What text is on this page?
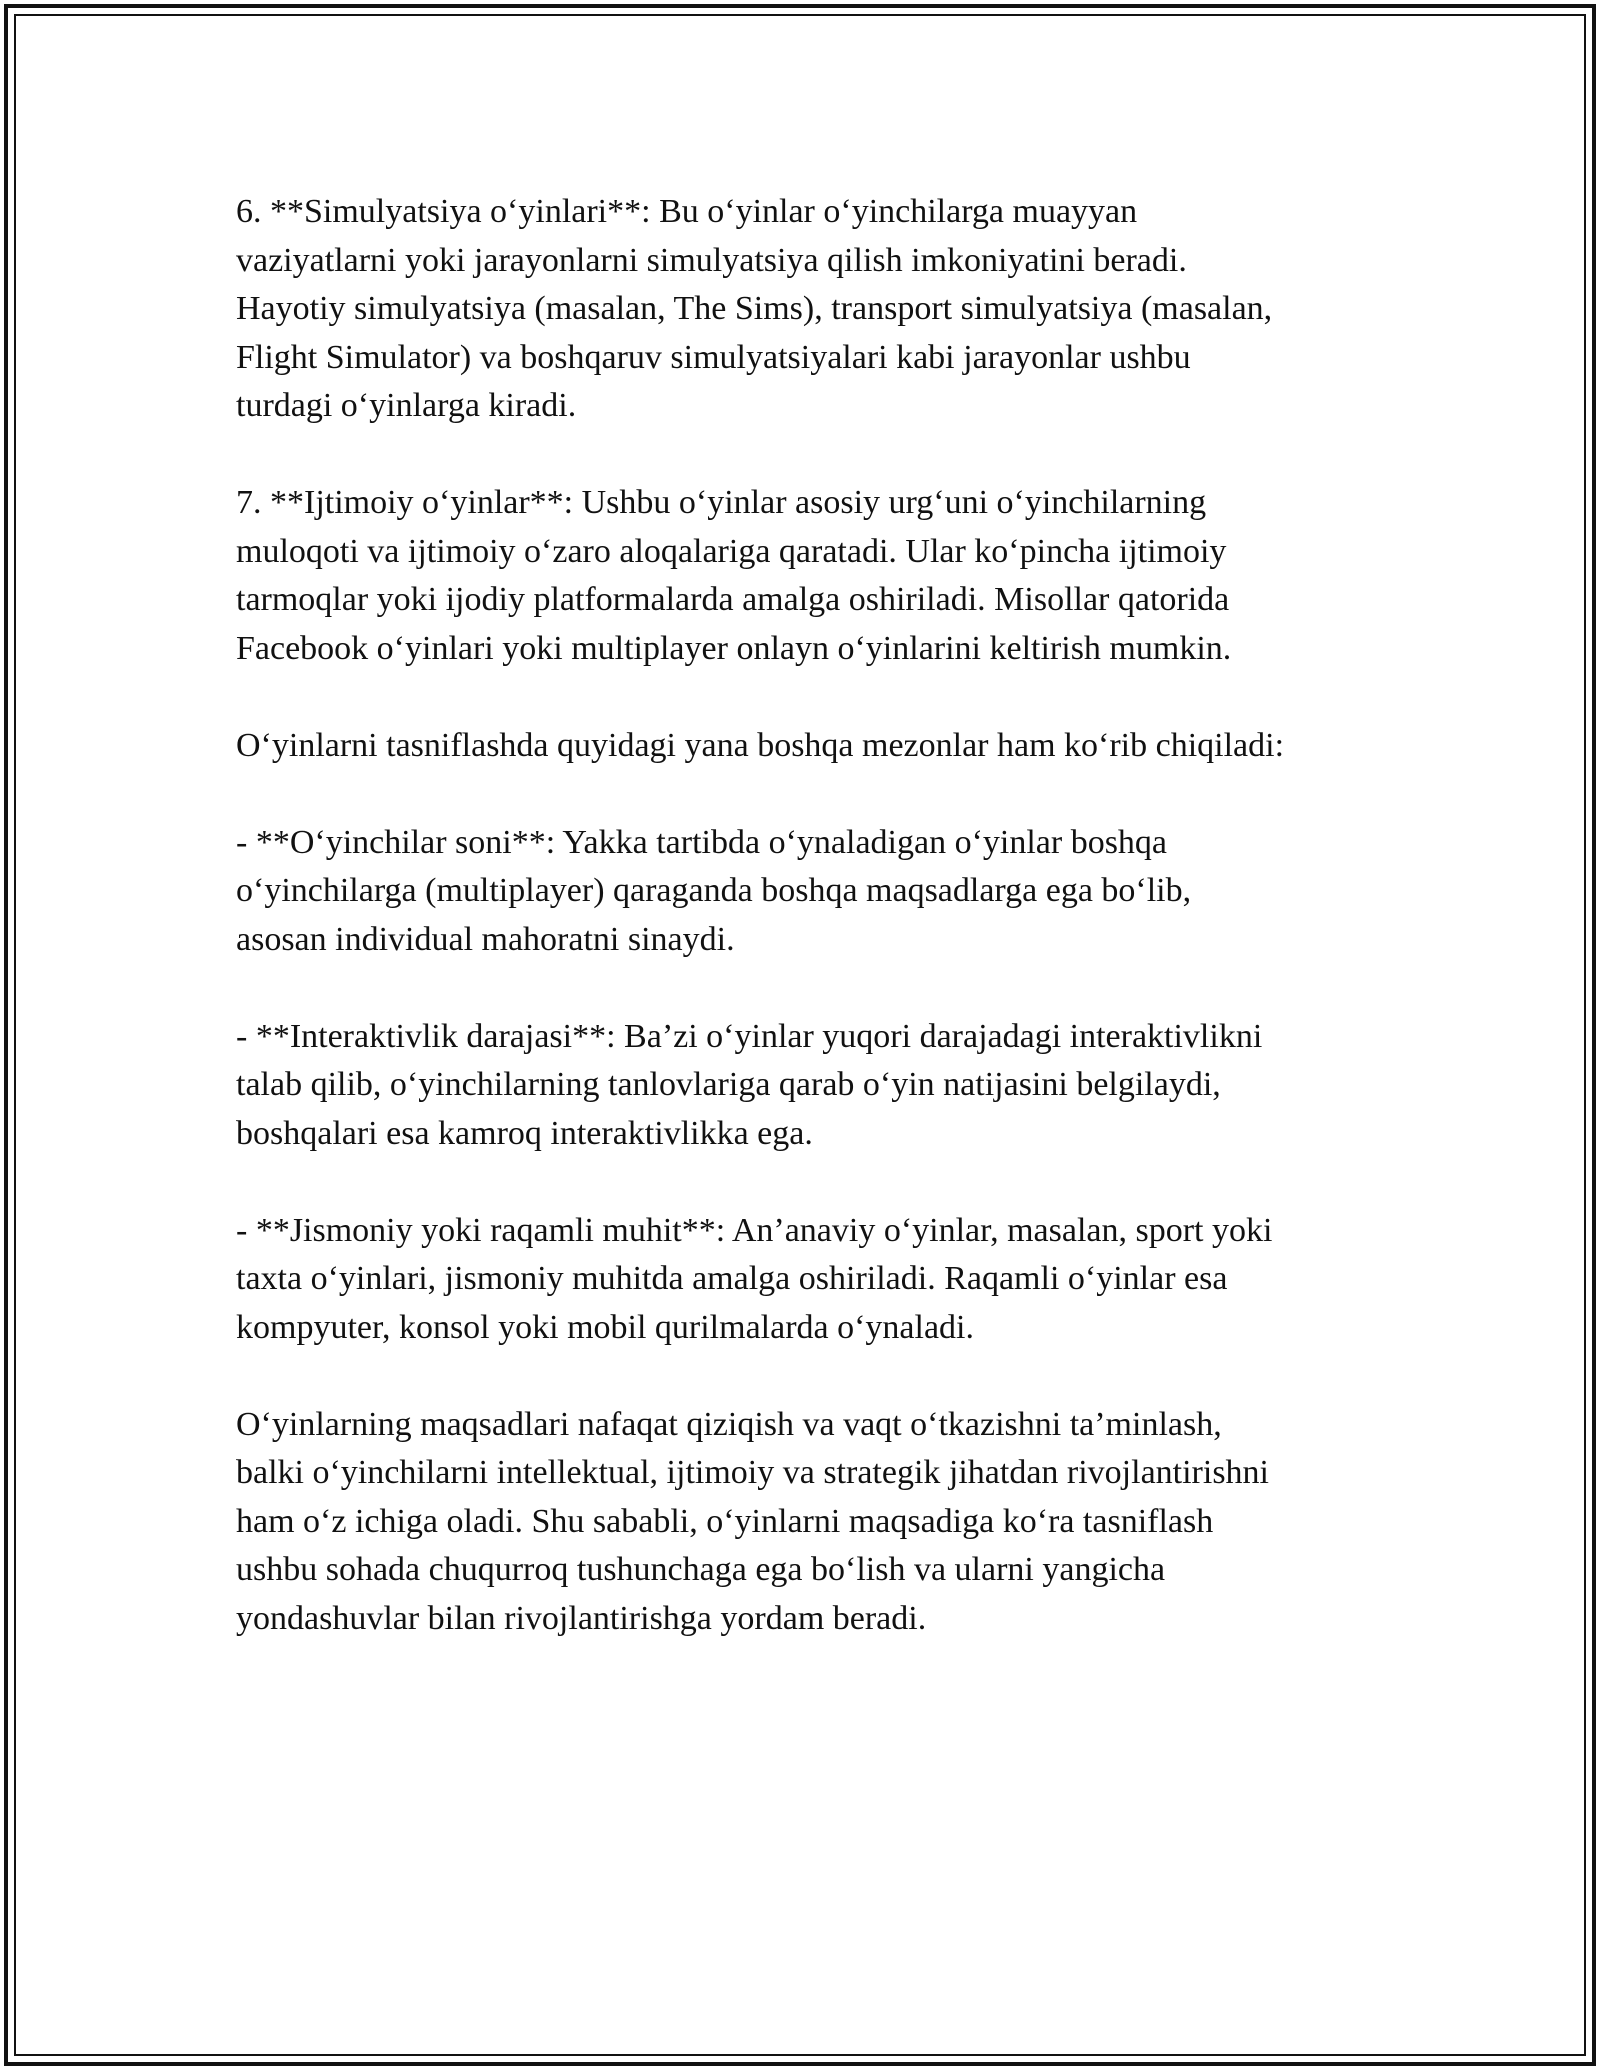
6. **Simulyatsiya o‘yinlari**: Bu o‘yinlar o‘yinchilarga muayyan
vaziyatlarni yoki jarayonlarni simulyatsiya qilish imkoniyatini beradi.
Hayotiy simulyatsiya (masalan, The Sims), transport simulyatsiya (masalan,
Flight Simulator) va boshqaruv simulyatsiyalari kabi jarayonlar ushbu
turdagi o‘yinlarga kiradi.
7. **Ijtimoiy o‘yinlar**: Ushbu o‘yinlar asosiy urg‘uni o‘yinchilarning
muloqoti va ijtimoiy o‘zaro aloqalariga qaratadi. Ular ko‘pincha ijtimoiy
tarmoqlar yoki ijodiy platformalarda amalga oshiriladi. Misollar qatorida
Facebook o‘yinlari yoki multiplayer onlayn o‘yinlarini keltirish mumkin.
O‘yinlarni tasniflashda quyidagi yana boshqa mezonlar ham ko‘rib chiqiladi:
- **O‘yinchilar soni**: Yakka tartibda o‘ynaladigan o‘yinlar boshqa
o‘yinchilarga (multiplayer) qaraganda boshqa maqsadlarga ega bo‘lib,
asosan individual mahoratni sinaydi.
- **Interaktivlik darajasi**: Ba’zi o‘yinlar yuqori darajadagi interaktivlikni
talab qilib, o‘yinchilarning tanlovlariga qarab o‘yin natijasini belgilaydi,
boshqalari esa kamroq interaktivlikka ega.
- **Jismoniy yoki raqamli muhit**: An’anaviy o‘yinlar, masalan, sport yoki
taxta o‘yinlari, jismoniy muhitda amalga oshiriladi. Raqamli o‘yinlar esa
kompyuter, konsol yoki mobil qurilmalarda o‘ynaladi.
O‘yinlarning maqsadlari nafaqat qiziqish va vaqt o‘tkazishni ta’minlash,
balki o‘yinchilarni intellektual, ijtimoiy va strategik jihatdan rivojlantirishni
ham o‘z ichiga oladi. Shu sababli, o‘yinlarni maqsadiga ko‘ra tasniflash
ushbu sohada chuqurroq tushunchaga ega bo‘lish va ularni yangicha
yondashuvlar bilan rivojlantirishga yordam beradi.
